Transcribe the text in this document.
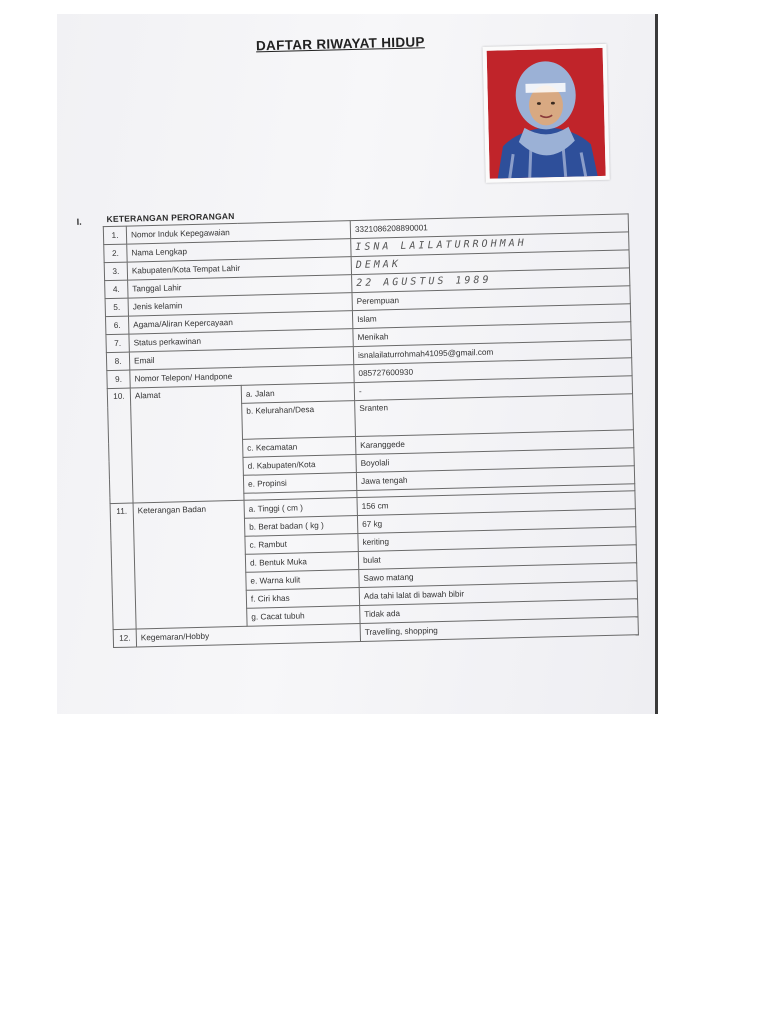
DAFTAR RIWAYAT HIDUP
I.	KETERANGAN PERORANGAN
1.	Nomor Induk Kepegawaian		3321086208890001
2.	Nama Lengkap		ISNA LAILATURROHMAH
3.	Kabupaten/Kota Tempat Lahir		DEMAK
4.	Tanggal Lahir		22 AGUSTUS 1989
5.	Jenis kelamin		Perempuan
6.	Agama/Aliran Kepercayaan		Islam
7.	Status perkawinan		Menikah
8.	Email		isnalailaturrohmah41095@gmail.com
9.	Nomor Telepon/ Handpone		085727600930
10.	Alamat	a. Jalan	-
		b. Kelurahan/Desa	Sranten
		c. Kecamatan	Karanggede
		d. Kabupaten/Kota	Boyolali
		e. Propinsi	Jawa tengah

11.	Keterangan Badan	a. Tinggi ( cm )	156 cm
		b. Berat badan ( kg )	67 kg
		c. Rambut	keriting
		d. Bentuk Muka	bulat
		e. Warna kulit	Sawo matang
		f. Ciri khas	Ada tahi lalat di bawah bibir
		g. Cacat tubuh	Tidak ada
12.	Kegemaran/Hobby		Travelling, shopping
